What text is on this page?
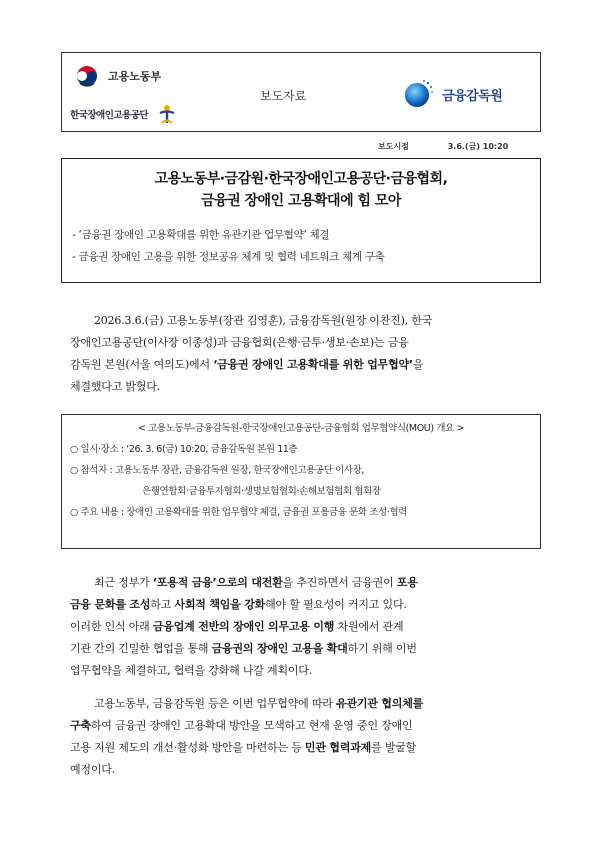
고용노동부
한국장애인고용공단
보도자료	금융감독원
보도시점	3.6.(금) 10:20
고용노동부·금감원·한국장애인고용공단·금융협회,
금융권 장애인 고용확대에 힘 모아
- ‘금융권 장애인 고용확대를 위한 유관기관 업무협약’ 체결
- 금융권 장애인 고용을 위한 정보공유 체계 및 협력 네트워크 체계 구축
2026.3.6.(금) 고용노동부(장관 김영훈), 금융감독원(원장 이찬진), 한국
장애인고용공단(이사장 이종성)과 금융협회(은행·금투·생보·손보)는 금융
감독원 본원(서울 여의도)에서 ‘금융권 장애인 고용확대를 위한 업무협약’을
체결했다고 밝혔다.
< 고용노동부-금융감독원-한국장애인고용공단-금융협회 업무협약식(MOU) 개요 >
○ 일시·장소 : ‘26. 3. 6(금) 10:20, 금융감독원 본원 11층
○ 참석자 : 고용노동부 장관, 금융감독원 원장, 한국장애인고용공단 이사장,
은행연합회·금융투자협회·생명보험협회·손해보험협회 협회장
○ 주요 내용 : 장애인 고용확대를 위한 업무협약 체결, 금융권 포용금융 문화 조성·협력
최근 정부가 ‘포용적 금융’으로의 대전환을 추진하면서 금융권이 포용
금융 문화를 조성하고 사회적 책임을 강화해야 할 필요성이 커지고 있다.
이러한 인식 아래 금융업계 전반의 장애인 의무고용 이행 차원에서 관계
기관 간의 긴밀한 협업을 통해 금융권의 장애인 고용을 확대하기 위해 이번
업무협약을 체결하고, 협력을 강화해 나갈 계획이다.
고용노동부, 금융감독원 등은 이번 업무협약에 따라 유관기관 협의체를
구축하여 금융권 장애인 고용확대 방안을 모색하고 현재 운영 중인 장애인
고용 지원 제도의 개선·활성화 방안을 마련하는 등 민관 협력과제를 발굴할
예정이다.
